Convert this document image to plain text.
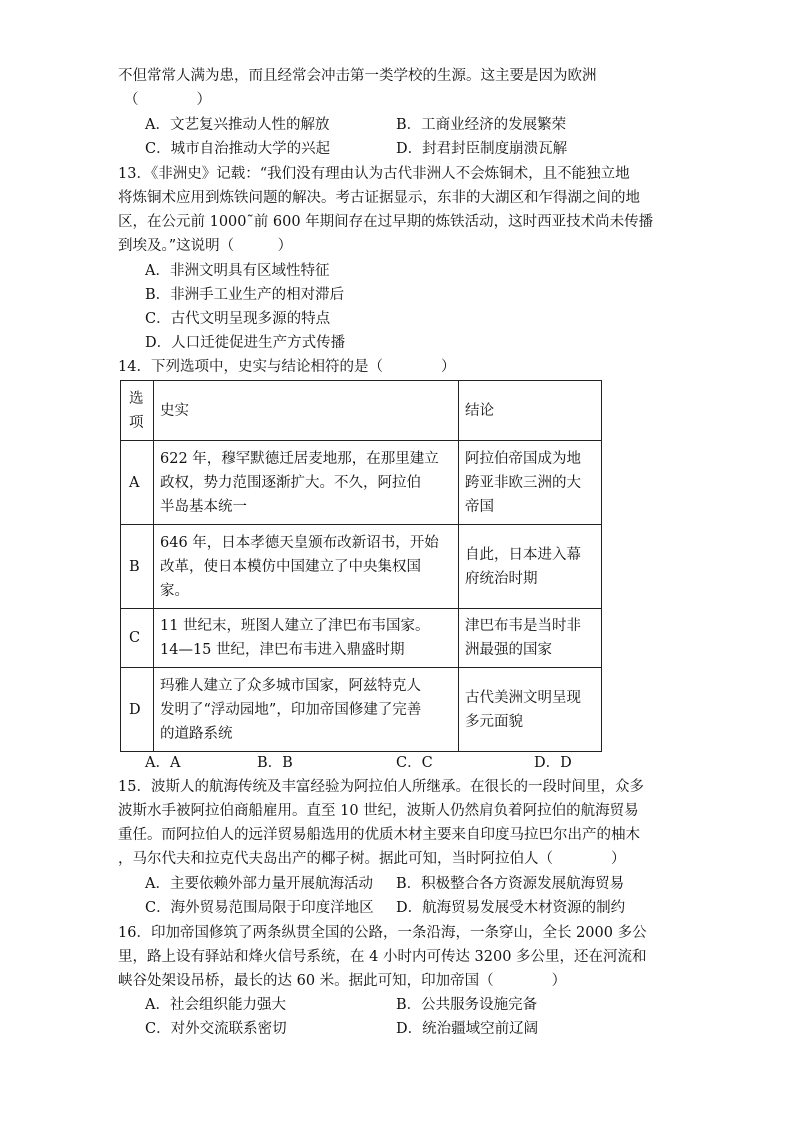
不但常常人满为患，而且经常会冲击第一类学校的生源。这主要是因为欧洲
（　　　　）
A．文艺复兴推动人性的解放	B．工商业经济的发展繁荣
C．城市自治推动大学的兴起	D．封君封臣制度崩溃瓦解
13．《非洲史》记载：“我们没有理由认为古代非洲人不会炼铜术，且不能独立地
将炼铜术应用到炼铁问题的解决。考古证据显示，东非的大湖区和乍得湖之间的地
区，在公元前 1000˜前 600 年期间存在过早期的炼铁活动，这时西亚技术尚未传播
到埃及。”这说明（　　　）
A．非洲文明具有区域性特征
B．非洲手工业生产的相对滞后
C．古代文明呈现多源的特点
D．人口迁徙促进生产方式传播
14．下列选项中，史实与结论相符的是（　　　　）
选
项	史实	结论
A	622 年，穆罕默德迁居麦地那，在那里建立
政权，势力范围逐渐扩大。不久，阿拉伯
半岛基本统一	阿拉伯帝国成为地
跨亚非欧三洲的大
帝国
B	646 年，日本孝德天皇颁布改新诏书，开始
改革，使日本模仿中国建立了中央集权国
家。	自此，日本进入幕
府统治时期
C	11 世纪末，班图人建立了津巴布韦国家。
14—15 世纪，津巴布韦进入鼎盛时期	津巴布韦是当时非
洲最强的国家
D	玛雅人建立了众多城市国家，阿兹特克人
发明了“浮动园地”，印加帝国修建了完善
的道路系统	古代美洲文明呈现
多元面貌
A．A	B．B	C．C	D．D
15．波斯人的航海传统及丰富经验为阿拉伯人所继承。在很长的一段时间里，众多
波斯水手被阿拉伯商船雇用。直至 10 世纪，波斯人仍然肩负着阿拉伯的航海贸易
重任。而阿拉伯人的远洋贸易船选用的优质木材主要来自印度马拉巴尔出产的柚木
，马尔代夫和拉克代夫岛出产的椰子树。据此可知，当时阿拉伯人（　　　　）
A．主要依赖外部力量开展航海活动 B．积极整合各方资源发展航海贸易
C．海外贸易范围局限于印度洋地区 D．航海贸易发展受木材资源的制约
16．印加帝国修筑了两条纵贯全国的公路，一条沿海，一条穿山，全长 2000 多公
里，路上设有驿站和烽火信号系统，在 4 小时内可传达 3200 多公里，还在河流和
峡谷处架设吊桥，最长的达 60 米。据此可知，印加帝国（　　　　）
A．社会组织能力强大	B．公共服务设施完备
C．对外交流联系密切	D．统治疆域空前辽阔
